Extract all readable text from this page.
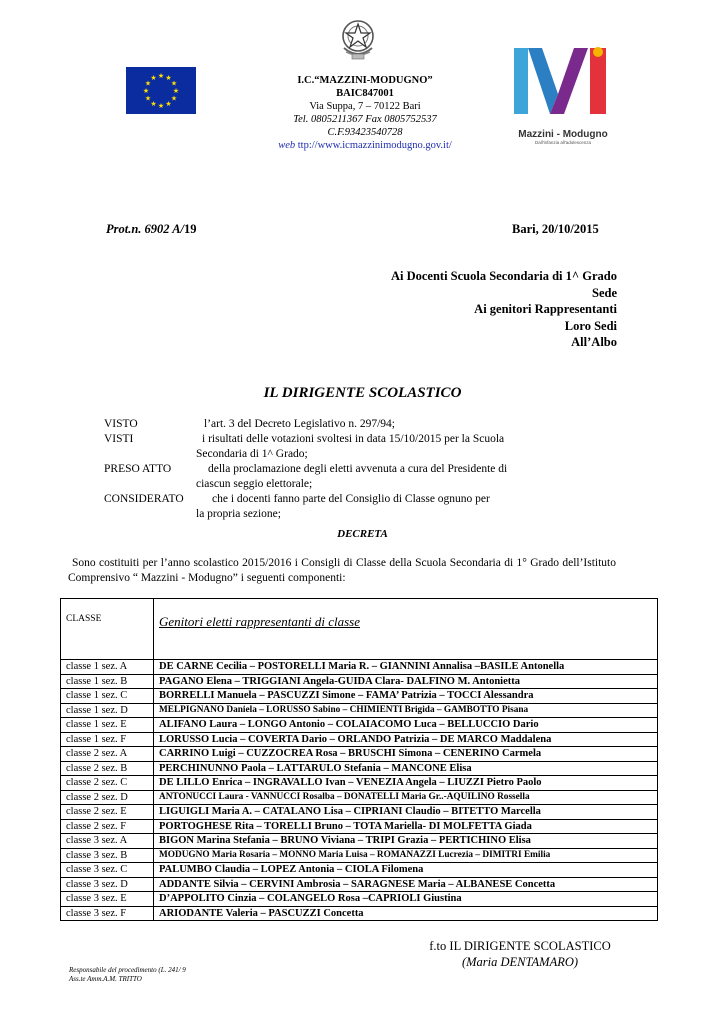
★ ★
★
★
★
★
★
★
★
★
★
★
Mazzini - Modugno
Dall'infanzia all'adolescenza
I.C.“MAZZINI-MODUGNO”
BAIC847001
Via Suppa, 7 – 70122 Bari
Tel. 0805211367 Fax 0805752537
C.F.93423540728
web ttp://www.icmazzinimodugno.gov.it/
Prot.n. 6902 A/19	Bari, 20/10/2015
Ai Docenti Scuola Secondaria di 1^ Grado
Sede
Ai genitori Rappresentanti
Loro Sedi
All’Albo
IL DIRIGENTE SCOLASTICO
VISTO	l’art. 3 del Decreto Legislativo n. 297/94;
VISTI	i risultati delle votazioni svoltesi in data 15/10/2015 per la Scuola
Secondaria di 1^ Grado;
PRESO ATTO	della proclamazione degli eletti avvenuta a cura del Presidente di
ciascun seggio elettorale;
CONSIDERATO	che i docenti fanno parte del Consiglio di Classe ognuno per
la propria sezione;
DECRETA
Sono costituiti per l’anno scolastico 2015/2016 i Consigli di Classe della Scuola Secondaria di 1° Grado dell’Istituto Comprensivo “ Mazzini - Modugno” i seguenti componenti:
CLASSE	Genitori eletti rappresentanti di classe
classe 1 sez. A	DE CARNE Cecilia – POSTORELLI Maria R. – GIANNINI Annalisa –BASILE Antonella
classe 1 sez. B	PAGANO Elena – TRIGGIANI Angela-GUIDA Clara- DALFINO M. Antonietta
classe 1 sez. C	BORRELLI Manuela – PASCUZZI Simone – FAMA’ Patrizia – TOCCI Alessandra
classe 1 sez. D	MELPIGNANO Daniela – LORUSSO Sabino – CHIMIENTI Brigida – GAMBOTTO Pisana
classe 1 sez. E	ALIFANO Laura – LONGO Antonio – COLAIACOMO Luca – BELLUCCIO Dario
classe 1 sez. F	LORUSSO Lucia – COVERTA Dario – ORLANDO Patrizia – DE MARCO Maddalena
classe 2 sez. A	CARRINO Luigi – CUZZOCREA Rosa – BRUSCHI Simona – CENERINO Carmela
classe 2 sez. B	PERCHINUNNO Paola – LATTARULO Stefania – MANCONE Elisa
classe 2 sez. C	DE LILLO Enrica – INGRAVALLO Ivan – VENEZIA Angela – LIUZZI Pietro Paolo
classe 2 sez. D	ANTONUCCI Laura - VANNUCCI Rosalba – DONATELLI Maria Gr..-AQUILINO Rossella
classe 2 sez. E	LIGUIGLI Maria A. – CATALANO Lisa – CIPRIANI Claudio – BITETTO Marcella
classe 2 sez. F	PORTOGHESE Rita – TORELLI Bruno – TOTA Mariella- DI MOLFETTA Giada
classe 3 sez. A	BIGON Marina Stefania – BRUNO Viviana – TRIPI Grazia – PERTICHINO Elisa
classe 3 sez. B	MODUGNO Maria Rosaria – MONNO Maria Luisa – ROMANAZZI Lucrezia – DIMITRI Emilia
classe 3 sez. C	PALUMBO Claudia – LOPEZ Antonia – CIOLA Filomena
classe 3 sez. D	ADDANTE Silvia – CERVINI Ambrosia – SARAGNESE Maria – ALBANESE Concetta
classe 3 sez. E	D’APPOLITO Cinzia – COLANGELO Rosa –CAPRIOLI Giustina
classe 3 sez. F	ARIODANTE Valeria – PASCUZZI Concetta
f.to IL DIRIGENTE SCOLASTICO
(Maria DENTAMARO)
Responsabile del procedimento (L. 241/ 9
Ass.te Amm.A.M. TRITTO
